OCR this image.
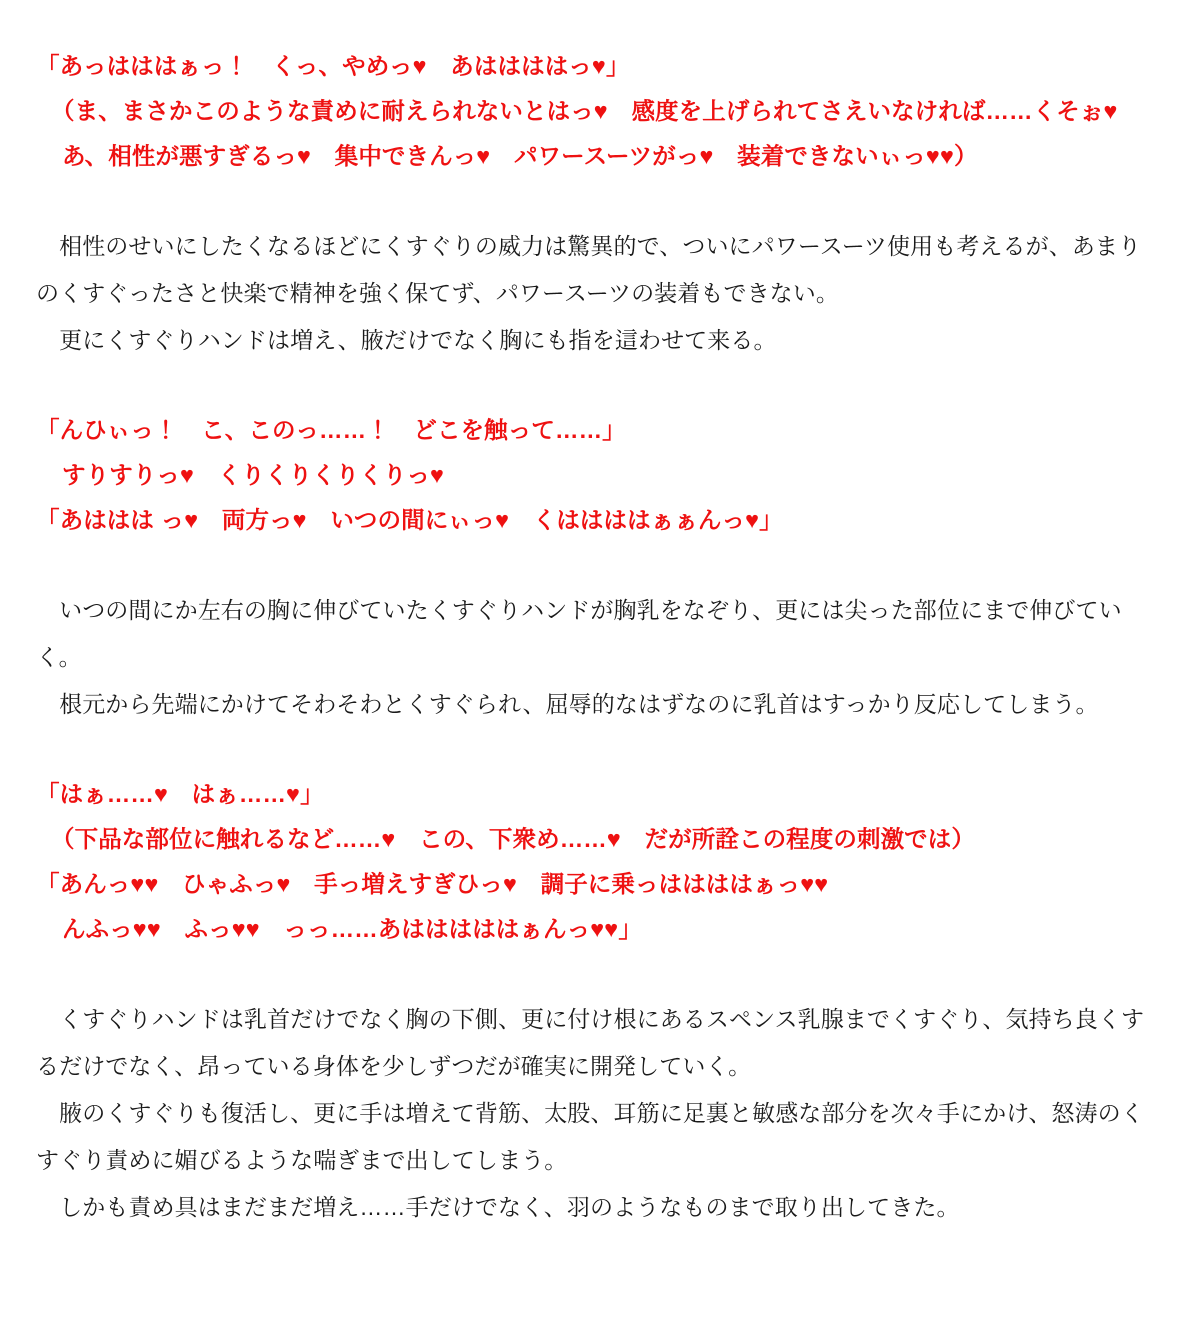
「あっはははぁっ！　くっ、やめっ♥　あははははっ♥」
（ま、まさかこのような責めに耐えられないとはっ♥　感度を上げられてさえいなければ……くそぉ♥
あ、相性が悪すぎるっ♥　集中できんっ♥　パワースーツがっ♥　装着できないぃっ♥♥）

　相性のせいにしたくなるほどにくすぐりの威力は驚異的で、ついにパワースーツ使用も考えるが、あまりのくすぐったさと快楽で精神を強く保てず、パワースーツの装着もできない。

　更にくすぐりハンドは増え、腋だけでなく胸にも指を這わせて来る。

「んひぃっ！　こ、このっ……！　どこを触って……」
すりすりっ♥　くりくりくりくりっ♥
「あははは っ♥　両方っ♥　いつの間にぃっ♥　くははははぁぁんっ♥」

　いつの間にか左右の胸に伸びていたくすぐりハンドが胸乳をなぞり、更には尖った部位にまで伸びていく。

　根元から先端にかけてそわそわとくすぐられ、屈辱的なはずなのに乳首はすっかり反応してしまう。

「はぁ……♥　はぁ……♥」
（下品な部位に触れるなど……♥　この、下衆め……♥　だが所詮この程度の刺激では）
「あんっ♥♥　ひゃふっ♥　手っ増えすぎひっ♥　調子に乗っははははぁっ♥♥
んふっ♥♥　ふっ♥♥　っっ……あはははははぁんっ♥♥」

　くすぐりハンドは乳首だけでなく胸の下側、更に付け根にあるスペンス乳腺までくすぐり、気持ち良くするだけでなく、昂っている身体を少しずつだが確実に開発していく。

　腋のくすぐりも復活し、更に手は増えて背筋、太股、耳筋に足裏と敏感な部分を次々手にかけ、怒涛のくすぐり責めに媚びるような喘ぎまで出してしまう。

　しかも責め具はまだまだ増え……手だけでなく、羽のようなものまで取り出してきた。
